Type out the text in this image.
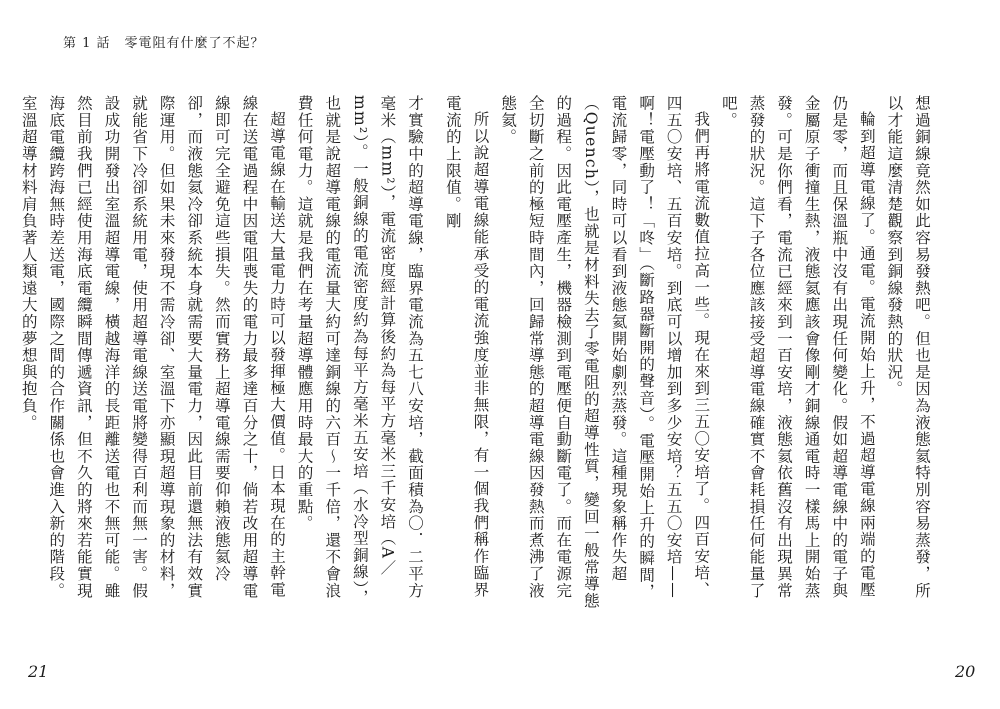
第 1 話　零電阻有什麼了不起？

才實驗中的超導電線，臨界電流為五七八安培，截面積為〇．二平方毫米（mm²），電流密度經計算後約為每平方毫米三千安培（A／mm²）。一般銅線的電流密度約為每平方毫米五安培（水冷型銅線），也就是說超導電線的電流量大約可達銅線的六百〜一千倍，還不會浪費任何電力。這就是我們在考量超導體應用時最大的重點。

超導電線在輸送大量電力時可以發揮極大價值。日本現在的主幹電線在送電過程中因電阻喪失的電力最多達百分之十，倘若改用超導電線即可完全避免這些損失。然而實務上超導電線需要仰賴液態氦冷卻，而液態氦冷卻系統本身就需要大量電力，因此目前還無法有效實際運用。但如果未來發現不需冷卻、室溫下亦顯現超導現象的材料，就能省下冷卻系統用電，使用超導電線送電將變得百利而無一害。假設成功開發出室溫超導電線，橫越海洋的長距離送電也不無可能。雖然目前我們已經使用海底電纜瞬間傳遞資訊，但不久的將來若能實現海底電纜跨海無時差送電，國際之間的合作關係也會進入新的階段。室溫超導材料肩負著人類遠大的夢想與抱負。	想過銅線竟然如此容易發熱吧。但也是因為液態氦特別容易蒸發，所以才能這麼清楚觀察到銅線發熱的狀況。

輪到超導電線了。通電。電流開始上升，不過超導電線兩端的電壓仍是零，而且保溫瓶中沒有出現任何變化。假如超導電線中的電子與金屬原子衝撞生熱，液態氦應該會像剛才銅線通電時一樣馬上開始蒸發。可是你們看，電流已經來到一百安培，液態氦依舊沒有出現異常蒸發的狀況。這下子各位應該接受超導電線確實不會耗損任何能量了吧。

我們再將電流數值拉高一些。現在來到三五〇安培了。四百安培、四五〇安培、五百安培。到底可以增加到多少安培？五五〇安培——啊！電壓動了！「咚」（斷路器斷開的聲音）。電壓開始上升的瞬間，電流歸零，同時可以看到液態氦開始劇烈蒸發。這種現象稱作失超（Quench），也就是材料失去了零電阻的超導性質，變回一般常導態的過程。因此電壓產生，機器檢測到電壓便自動斷電了。而在電源完全切斷之前的極短時間內，回歸常導態的超導電線因發熱而煮沸了液態氦。

所以說超導電線能承受的電流強度並非無限，有一個我們稱作臨界電流的上限值。剛

21	20
